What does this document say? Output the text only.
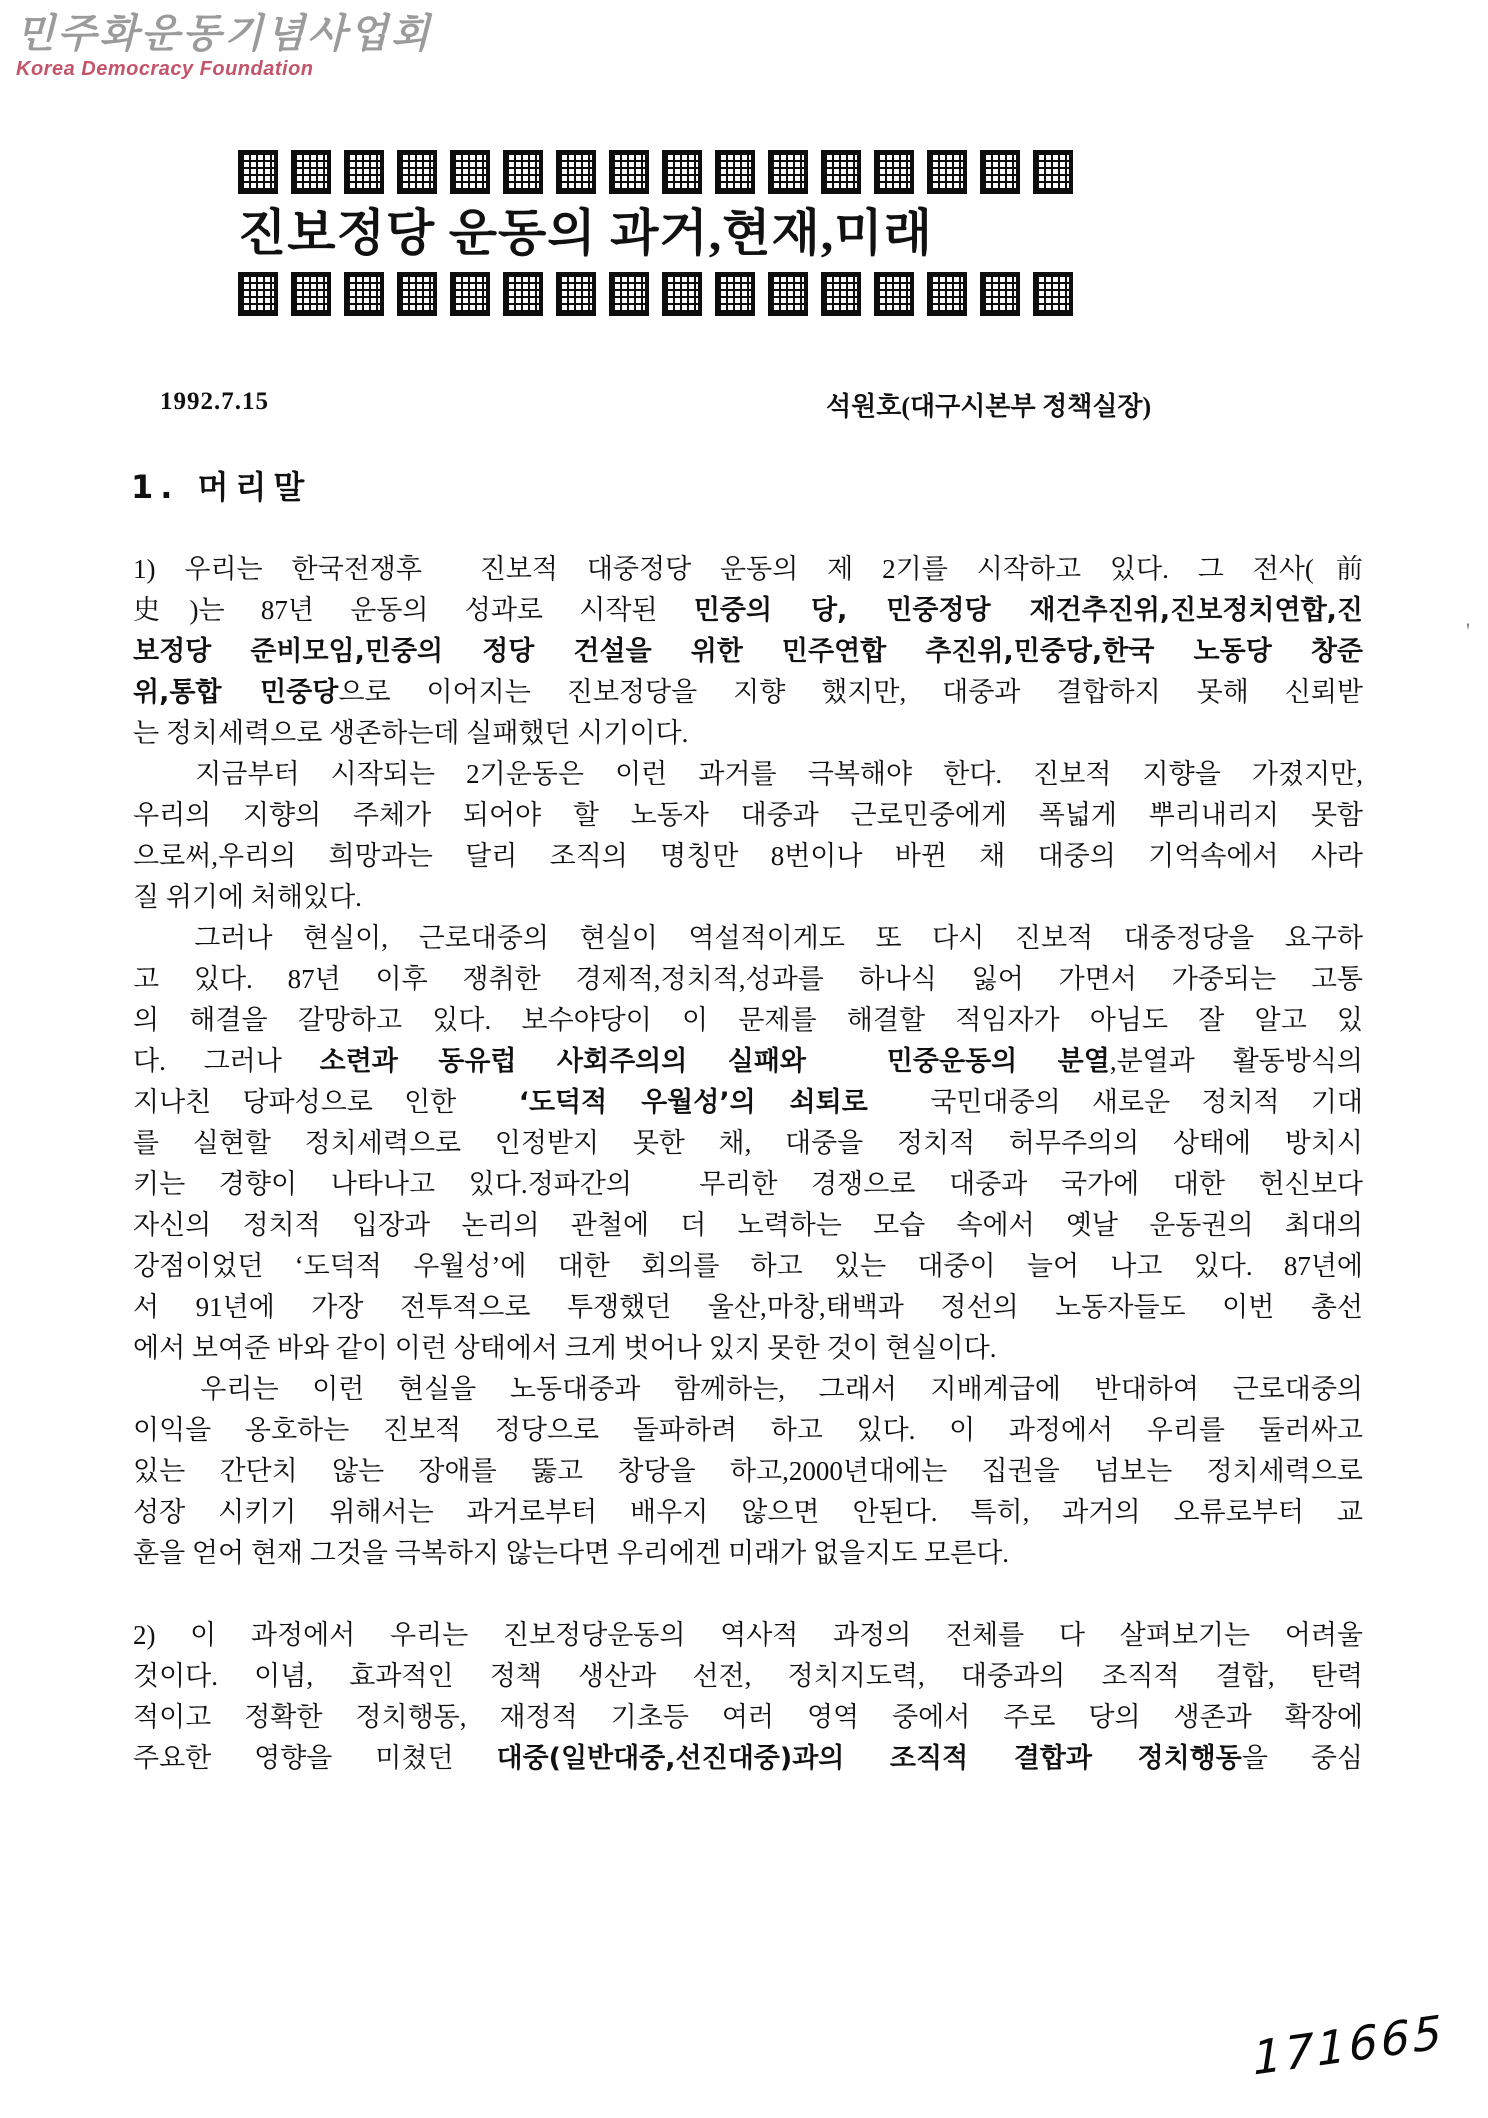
민주화운동기념사업회
Korea Democracy Foundation
진보정당 운동의 과거,현재,미래
1992.7.15	석원호(대구시본부 정책실장)
1. 머리말
1) 우리는 한국전쟁후  진보적 대중정당 운동의 제 2기를 시작하고 있다. 그 전사(前
史)는 87년 운동의 성과로 시작된 민중의 당, 민중정당 재건추진위,진보정치연합,진
보정당 준비모임,민중의 정당 건설을 위한 민주연합 추진위,민중당,한국 노동당 창준
위,통합 민중당으로 이어지는 진보정당을 지향 했지만, 대중과 결합하지 못해 신뢰받
는 정치세력으로 생존하는데 실패했던 시기이다.
지금부터 시작되는 2기운동은 이런 과거를 극복해야 한다. 진보적 지향을 가졌지만,
우리의 지향의 주체가 되어야 할 노동자 대중과 근로민중에게 폭넓게 뿌리내리지 못함
으로써,우리의 희망과는 달리 조직의 명칭만 8번이나 바뀐 채 대중의 기억속에서 사라
질 위기에 처해있다.
그러나 현실이, 근로대중의 현실이 역설적이게도 또 다시 진보적 대중정당을 요구하
고 있다. 87년 이후 쟁취한 경제적,정치적,성과를 하나식 잃어 가면서 가중되는 고통
의 해결을 갈망하고 있다. 보수야당이 이 문제를 해결할 적임자가 아님도 잘 알고 있
다. 그러나 소련과 동유럽 사회주의의 실패와  민중운동의 분열,분열과 활동방식의
지나친 당파성으로 인한  ‘도덕적 우월성’의 쇠퇴로  국민대중의 새로운 정치적 기대
를 실현할 정치세력으로 인정받지 못한 채, 대중을 정치적 허무주의의 상태에 방치시
키는 경향이 나타나고 있다.정파간의  무리한 경쟁으로 대중과 국가에 대한 헌신보다
자신의 정치적 입장과 논리의 관철에 더 노력하는 모습 속에서 옛날 운동권의 최대의
강점이었던 ‘도덕적 우월성’에 대한 회의를 하고 있는 대중이 늘어 나고 있다. 87년에
서 91년에 가장 전투적으로 투쟁했던 울산,마창,태백과 정선의 노동자들도 이번 총선
에서 보여준 바와 같이 이런 상태에서 크게 벗어나 있지 못한 것이 현실이다.
우리는 이런 현실을 노동대중과 함께하는, 그래서 지배계급에 반대하여 근로대중의
이익을 옹호하는 진보적 정당으로 돌파하려 하고 있다. 이 과정에서 우리를 둘러싸고
있는 간단치 않는 장애를 뚫고 창당을 하고,2000년대에는 집권을 넘보는 정치세력으로
성장 시키기 위해서는 과거로부터 배우지 않으면 안된다. 특히, 과거의 오류로부터 교
훈을 얻어 현재 그것을 극복하지 않는다면 우리에겐 미래가 없을지도 모른다.
2) 이 과정에서 우리는 진보정당운동의 역사적 과정의 전체를 다 살펴보기는 어려울
것이다. 이념, 효과적인 정책 생산과 선전, 정치지도력, 대중과의 조직적 결합, 탄력
적이고 정확한 정치행동, 재정적 기초등 여러 영역 중에서 주로 당의 생존과 확장에
주요한 영향을 미쳤던 대중(일반대중,선진대중)과의 조직적 결합과 정치행동을 중심
171665
'
